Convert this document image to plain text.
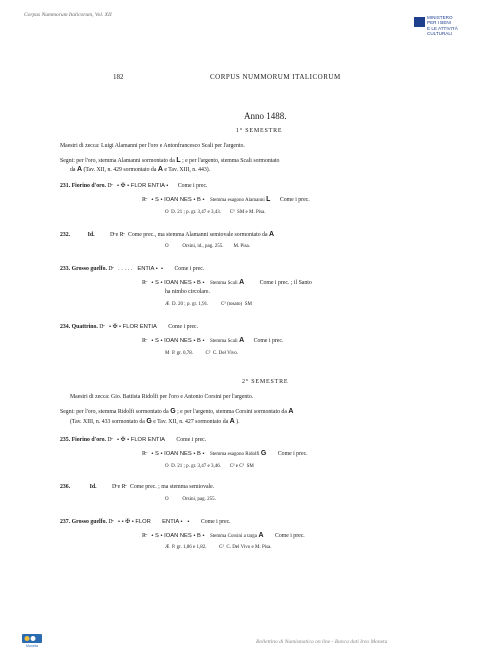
Corpus Nummorum Italicorum, Vol. XII	MINISTERO
PER I BENI
E LE ATTIVITÀ
CULTURALI
182	CORPUS NUMMORUM ITALICORUM
Anno 1488.
1° SEMESTRE
Maestri di zecca: Luigi Alamanni per l'oro e Antonfrancesco Scali per l'argento.
Segni: per l'oro, stemma Alamanni sormontato da L ; e per l'argento, stemma Scali sormontato
da A (Tav. XII, n. 429 sormontato da A e Tav. XIII, n. 443).
231. Fiorino d'oro. D̶ • ✠ • FLOR ENTIA • Come i prec.
R̶ • S • IOAN NES • B • Stemma esagono Alamanni L Come i prec.
O  D. 21 ; p. gr. 3,47 e 3,43.       C³  SM e M. Pisa.
232.	Id.	D̶ e R̶ Come prec., ma stemma Alamanni semiovale sormontato da A
O           Orsini, id., pag. 255.        M. Pisa.
233. Grosso guelfo. D̶ . . . . .   ENTIA •  • Come i prec.
R̶ • S • IOAN NES • B • Stemma Scali A	Come i prec. ; il Santo
ha nimbo circolare.
Æ  D. 20 ; p. gr. 1,91.          C³ (tosato)  SM
234. Quattrino. D̶ • ✠ • FLOR ENTIA Come i prec.
R̶ • S • IOAN NES • B • Stemma Scali A Come i prec.
M  P. gr. 0,78.          C²  C. Del Vivo.
2° SEMESTRE
Maestri di zecca: Gio. Battista Ridolfi per l'oro e Antonio Corsini per l'argento.
Segni: per l'oro, stemma Ridolfi sormontato da G ; e per l'argento, stemma Corsini sormontato da A
(Tav. XIII, n. 433 sormontato da G e Tav. XII, n. 427 sormontato da A ).
235. Fiorino d'oro. D̶ • ✠ • FLOR ENTIA Come i prec.
R̶ • S • IOAN NES • B • Stemma esagono Ridolfi G Come i prec.
O  D. 21 ; p. gr. 3,47 e 3,46.       C³ e C³  SM
236.	Id.	D̶ e R̶ Come prec. ; ma stemma semiovale.
O           Orsini, pag. 255.
237. Grosso guelfo. D̶ • • ✠ • FLOR       ENTIA •   • Come i prec.
R̶ • S • IOAN NES • B • Stemma Corsini a targa A Come i prec.
Æ  P. gr. 1,86 e 1,82.          C²  C. Del Vivo e M. Pisa.
Moneta
Bollettino di Numismatica on line - Banca dati Ireo Moneta
